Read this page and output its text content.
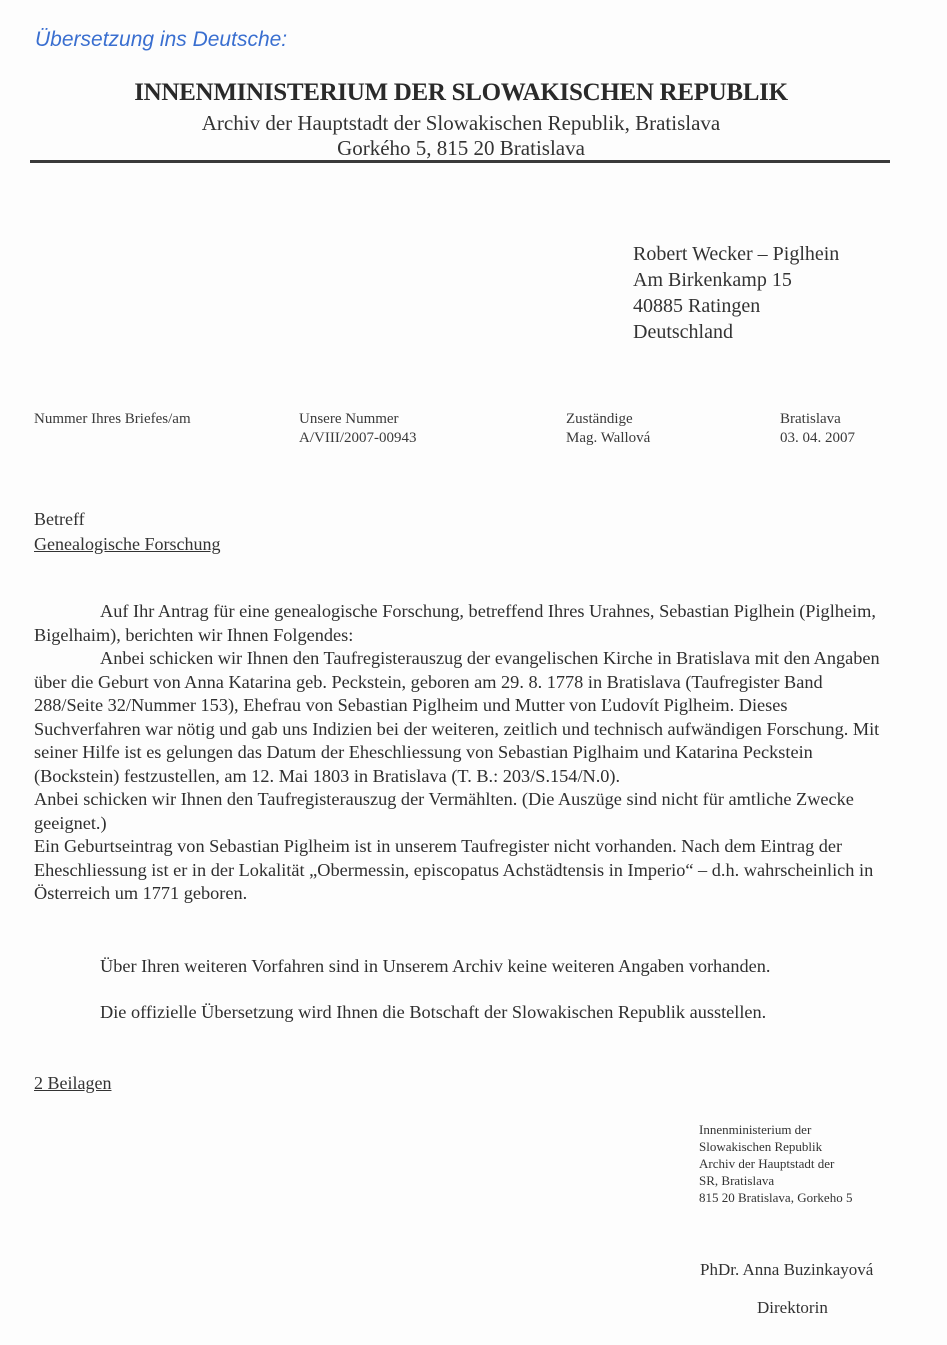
Übersetzung ins Deutsche:
INNENMINISTERIUM DER SLOWAKISCHEN REPUBLIK
Archiv der Hauptstadt der Slowakischen Republik, Bratislava
Gorkého 5, 815 20 Bratislava
Robert Wecker – Piglhein
Am Birkenkamp 15
40885 Ratingen
Deutschland
Nummer Ihres Briefes/am	Unsere Nummer
A/VIII/2007-00943
Zuständige
Mag. Wallová
Bratislava
03. 04. 2007
Betreff
Genealogische Forschung

Auf Ihr Antrag für eine genealogische Forschung, betreffend Ihres Urahnes, Sebastian Piglhein (Piglheim, Bigelhaim), berichten wir Ihnen Folgendes:

Anbei schicken wir Ihnen den Taufregisterauszug der evangelischen Kirche in Bratislava mit den Angaben über die Geburt von Anna Katarina geb. Peckstein, geboren am 29. 8. 1778 in Bratislava (Taufregister Band 288/Seite 32/Nummer 153), Ehefrau von Sebastian Piglheim und Mutter von Ľudovít Piglheim. Dieses Suchverfahren war nötig und gab uns Indizien bei der weiteren, zeitlich und technisch aufwändigen Forschung. Mit seiner Hilfe ist es gelungen das Datum der Eheschliessung von Sebastian Piglhaim und Katarina Peckstein (Bockstein) festzustellen, am 12. Mai 1803 in Bratislava (T. B.: 203/S.154/N.0).

Anbei schicken wir Ihnen den Taufregisterauszug der Vermählten. (Die Auszüge sind nicht für amtliche Zwecke geeignet.)

Ein Geburtseintrag von Sebastian Piglheim ist in unserem Taufregister nicht vorhanden. Nach dem Eintrag der Eheschliessung ist er in der Lokalität „Obermessin, episcopatus Achstädtensis in Imperio“ – d.h. wahrscheinlich in Österreich um 1771 geboren.

Über Ihren weiteren Vorfahren sind in Unserem Archiv keine weiteren Angaben vorhanden.
Die offizielle Übersetzung wird Ihnen die Botschaft der Slowakischen Republik ausstellen.
2 Beilagen
Innenministerium der
Slowakischen Republik
Archiv der Hauptstadt der
SR, Bratislava
815 20 Bratislava, Gorkeho 5
PhDr. Anna Buzinkayová
Direktorin
